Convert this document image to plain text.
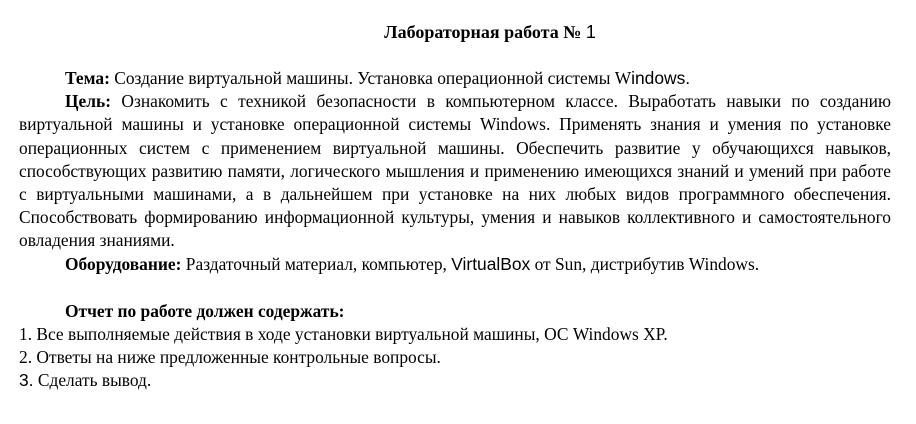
Лабораторная работа № 1

Тема: Создание виртуальной машины. Установка операционной системы Windows.

Цель: Ознакомить с техникой безопасности в компьютерном классе. Выработать навыки по созданию виртуальной машины и установке операционной системы Windows. Применять знания и умения по установке операционных систем с применением виртуальной машины. Обеспечить развитие у обучающихся навыков, способствующих развитию памяти, логического мышления и применению имеющихся знаний и умений при работе с виртуальными машинами, а в дальнейшем при установке на них любых видов программного обеспечения. Способствовать формированию информационной культуры, умения и навыков коллективного и самостоятельного овладения знаниями.

Оборудование: Раздаточный материал, компьютер, VirtualBox от Sun, дистрибутив Windows.

Отчет по работе должен содержать:

1. Все выполняемые действия в ходе установки виртуальной машины, ОС Windows XP.

2. Ответы на ниже предложенные контрольные вопросы.

3. Сделать вывод.
